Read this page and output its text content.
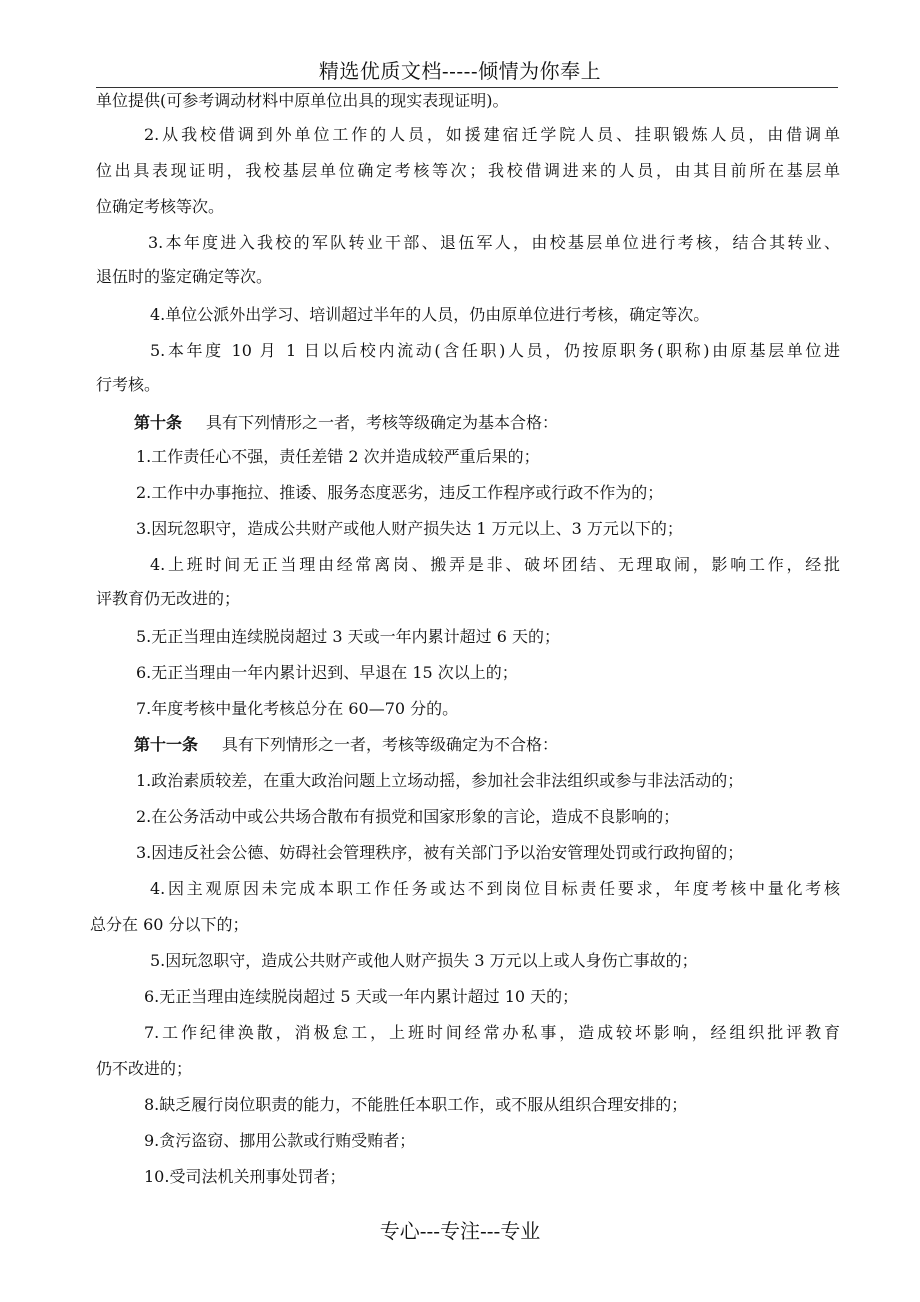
精选优质文档-----倾情为你奉上
单位提供(可参考调动材料中原单位出具的现实表现证明)。
2.从我校借调到外单位工作的人员，如援建宿迁学院人员、挂职锻炼人员，由借调单
位出具表现证明，我校基层单位确定考核等次；我校借调进来的人员，由其目前所在基层单
位确定考核等次。
3.本年度进入我校的军队转业干部、退伍军人，由校基层单位进行考核，结合其转业、
退伍时的鉴定确定等次。
4.单位公派外出学习、培训超过半年的人员，仍由原单位进行考核，确定等次。
5.本年度 10 月 1 日以后校内流动(含任职)人员，仍按原职务(职称)由原基层单位进
行考核。
第十条 具有下列情形之一者，考核等级确定为基本合格：
1.工作责任心不强，责任差错 2 次并造成较严重后果的；
2.工作中办事拖拉、推诿、服务态度恶劣，违反工作程序或行政不作为的；
3.因玩忽职守，造成公共财产或他人财产损失达 1 万元以上、3 万元以下的；
4.上班时间无正当理由经常离岗、搬弄是非、破坏团结、无理取闹，影响工作，经批
评教育仍无改进的；
5.无正当理由连续脱岗超过 3 天或一年内累计超过 6 天的；
6.无正当理由一年内累计迟到、早退在 15 次以上的；
7.年度考核中量化考核总分在 60—70 分的。
第十一条 具有下列情形之一者，考核等级确定为不合格：
1.政治素质较差，在重大政治问题上立场动摇，参加社会非法组织或参与非法活动的；
2.在公务活动中或公共场合散布有损党和国家形象的言论，造成不良影响的；
3.因违反社会公德、妨碍社会管理秩序，被有关部门予以治安管理处罚或行政拘留的；
4.因主观原因未完成本职工作任务或达不到岗位目标责任要求，年度考核中量化考核
总分在 60 分以下的；
5.因玩忽职守，造成公共财产或他人财产损失 3 万元以上或人身伤亡事故的；
6.无正当理由连续脱岗超过 5 天或一年内累计超过 10 天的；
7.工作纪律涣散，消极怠工，上班时间经常办私事，造成较坏影响，经组织批评教育
仍不改进的；
8.缺乏履行岗位职责的能力，不能胜任本职工作，或不服从组织合理安排的；
9.贪污盗窃、挪用公款或行贿受贿者；
10.受司法机关刑事处罚者；
专心---专注---专业
